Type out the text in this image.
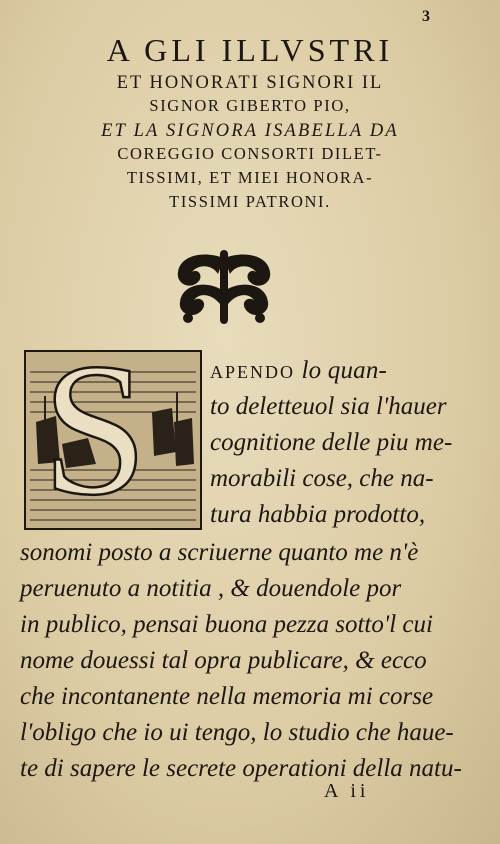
3
A GLI ILLVSTRI
ET HONORATI SIGNORI IL
SIGNOR GIBERTO PIO,
ET LA SIGNORA ISABELLA DA
COREGGIO CONSORTI DILET-
TISSIMI, ET MIEI HONORA-
TISSIMI PATRONI.
S	APENDO lo quan-
to deletteuol sia l'hauer
cognitione delle piu me-
morabili cose, che na-
tura habbia prodotto,
sonomi posto a scriuerne quanto me n'è
peruenuto a notitia , & douendole por
in publico, pensai buona pezza sotto'l cui
nome douessi tal opra publicare, & ecco
che incontanente nella memoria mi corse
l'obligo che io ui tengo, lo studio che haue-
te di sapere le secrete operationi della natu-
A ii
